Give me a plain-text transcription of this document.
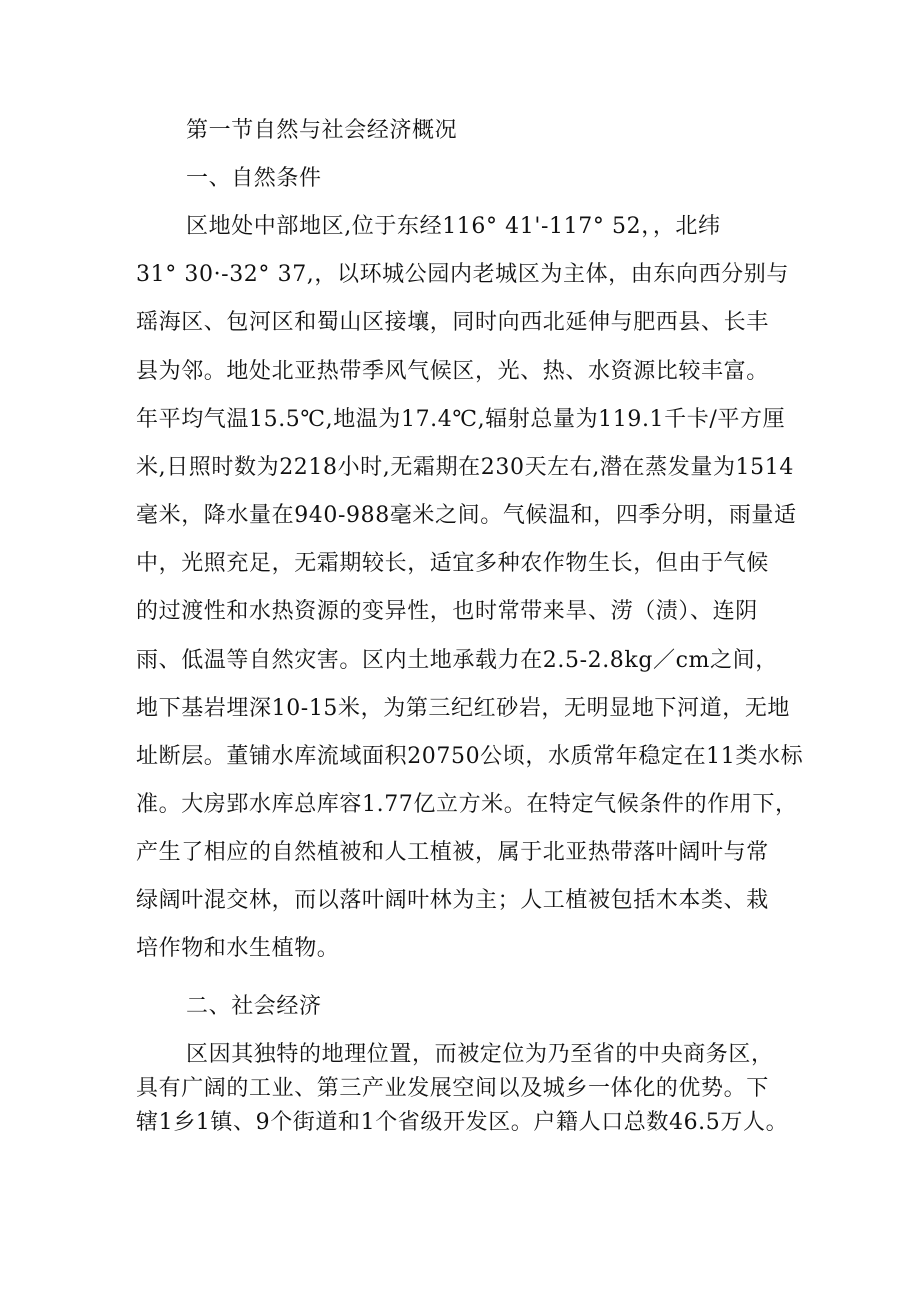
第一节自然与社会经济概况
一、自然条件
区地处中部地区,位于东经116° 41'-117° 52，，北纬
31° 30·-32° 37,，以环城公园内老城区为主体，由东向西分别与
瑶海区、包河区和蜀山区接壤，同时向西北延伸与肥西县、长丰
县为邻。地处北亚热带季风气候区，光、热、水资源比较丰富。
年平均气温15.5℃,地温为17.4℃,辐射总量为119.1千卡/平方厘
米,日照时数为2218小时,无霜期在230天左右,潜在蒸发量为1514
毫米，降水量在940-988毫米之间。气候温和，四季分明，雨量适
中，光照充足，无霜期较长，适宜多种农作物生长，但由于气候
的过渡性和水热资源的变异性，也时常带来旱、涝（渍）、连阴
雨、低温等自然灾害。区内土地承载力在2.5-2.8kg／cm之间，
地下基岩埋深10-15米，为第三纪红砂岩，无明显地下河道，无地
址断层。董铺水库流域面积20750公顷，水质常年稳定在11类水标
准。大房郢水库总库容1.77亿立方米。在特定气候条件的作用下，
产生了相应的自然植被和人工植被，属于北亚热带落叶阔叶与常
绿阔叶混交林，而以落叶阔叶林为主；人工植被包括木本类、栽
培作物和水生植物。
二、社会经济
区因其独特的地理位置，而被定位为乃至省的中央商务区，
具有广阔的工业、第三产业发展空间以及城乡一体化的优势。下
辖1乡1镇、9个街道和1个省级开发区。户籍人口总数46.5万人。
